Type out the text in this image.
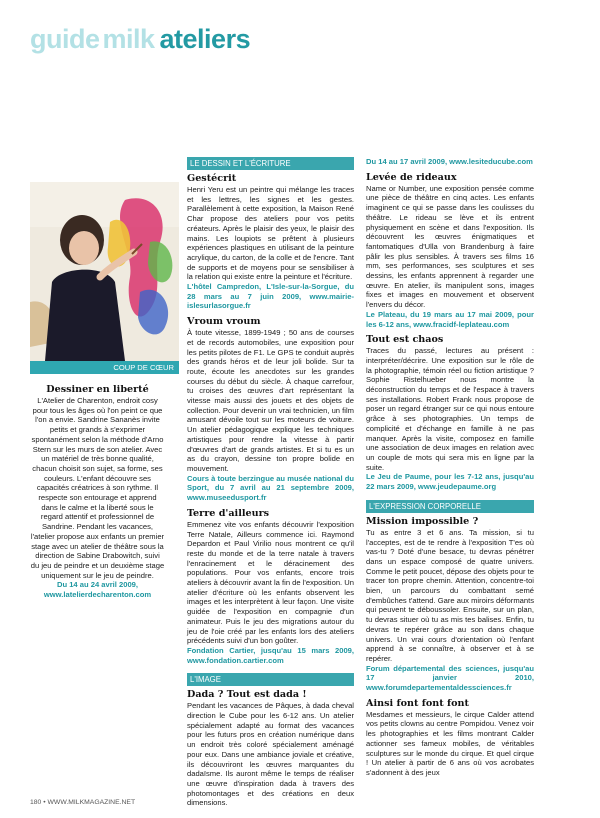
guide milk ateliers
COUP DE CŒUR

Dessiner en liberté

L'Atelier de Charenton, endroit cosy pour tous les âges où l'on peint ce que l'on a envie. Sandrine Sananès invite petits et grands à s'exprimer spontanément selon la méthode d'Arno Stern sur les murs de son atelier. Avec un matériel de très bonne qualité, chacun choisit son sujet, sa forme, ses couleurs. L'enfant découvre ses capacités créatrices à son rythme. Il respecte son entourage et apprend dans le calme et la liberté sous le regard attentif et professionnel de Sandrine. Pendant les vacances, l'atelier propose aux enfants un premier stage avec un atelier de théâtre sous la direction de Sabine Drabowitch, suivi du jeu de peindre et un deuxième stage uniquement sur le jeu de peindre.

Du 14 au 24 avril 2009, www.latelierdecharenton.com

LE DESSIN ET L'ÉCRITURE

Gestécrit

Henri Yeru est un peintre qui mélange les traces et les lettres, les signes et les gestes. Parallèlement à cette exposition, la Maison René Char propose des ateliers pour vos petits créateurs. Après le plaisir des yeux, le plaisir des mains. Les loupiots se prêtent à plusieurs expériences plastiques en utilisant de la peinture acrylique, du carton, de la colle et de l'encre. Tant de supports et de moyens pour se sensibiliser à la relation qui existe entre la peinture et l'écriture.

L'hôtel Campredon, L'Isle-sur-la-Sorgue, du 28 mars au 7 juin 2009, www.mairie-islesurlasorgue.fr

Vroum vroum

À toute vitesse, 1899-1949 ; 50 ans de courses et de records automobiles, une exposition pour les petits pilotes de F1. Le GPS te conduit auprès des grands héros et de leur joli bolide. Sur ta route, écoute les anecdotes sur les grandes courses du début du siècle. À chaque carrefour, tu croises des œuvres d'art représentant la vitesse mais aussi des jouets et des objets de collection. Pour devenir un vrai technicien, un film amusant dévoile tout sur les moteurs de voiture. Un atelier pédagogique explique les techniques artistiques pour rendre la vitesse à partir d'œuvres d'art de grands artistes. Et si tu es un as du crayon, dessine ton propre bolide en mouvement.

Cours à toute berzingue au musée national du Sport, du 7 avril au 21 septembre 2009, www.museedusport.fr

Terre d'ailleurs

Emmenez vite vos enfants découvrir l'exposition Terre Natale, Ailleurs commence ici. Raymond Depardon et Paul Virilio nous montrent ce qu'il reste du monde et de la terre natale à travers l'enracinement et le déracinement des populations. Pour vos enfants, encore trois ateliers à découvrir avant la fin de l'exposition. Un atelier d'écriture où les enfants observent les images et les interprètent à leur façon. Une visite guidée de l'exposition en compagnie d'un animateur. Puis le jeu des migrations autour du jeu de l'oie créé par les enfants lors des ateliers précédents suivi d'un bon goûter.

Fondation Cartier, jusqu'au 15 mars 2009, www.fondation.cartier.com

L'IMAGE

Dada ? Tout est dada !

Pendant les vacances de Pâques, à dada cheval direction le Cube pour les 6-12 ans. Un atelier spécialement adapté au format des vacances pour les futurs pros en création numérique dans un endroit très coloré spécialement aménagé pour eux. Dans une ambiance joviale et créative, ils découvriront les œuvres marquantes du dadaïsme. Ils auront même le temps de réaliser une œuvre d'inspiration dada à travers des photomontages et des créations en deux dimensions.

Du 14 au 17 avril 2009, www.lesiteducube.com

Levée de rideaux

Name or Number, une exposition pensée comme une pièce de théâtre en cinq actes. Les enfants imaginent ce qui se passe dans les coulisses du théâtre. Le rideau se lève et ils entrent physiquement en scène et dans l'exposition. Ils découvrent les œuvres énigmatiques et fantomatiques d'Ulla von Brandenburg à faire pâlir les plus sensibles. À travers ses films 16 mm, ses performances, ses sculptures et ses dessins, les enfants apprennent à regarder une œuvre. En atelier, ils manipulent sons, images fixes et images en mouvement et observent l'envers du décor.

Le Plateau, du 19 mars au 17 mai 2009, pour les 6-12 ans, www.fracidf-leplateau.com

Tout est chaos

Traces du passé, lectures au présent : interpréter/décrire. Une exposition sur le rôle de la photographie, témoin réel ou fiction artistique ? Sophie Ristelhueber nous montre la déconstruction du temps et de l'espace à travers ses installations. Robert Frank nous propose de poser un regard étranger sur ce qui nous entoure grâce à ses photographies. Un temps de complicité et d'échange en famille à ne pas manquer. Après la visite, composez en famille une association de deux images en relation avec un couple de mots qui sera mis en ligne par la suite.

Le Jeu de Paume, pour les 7-12 ans, jusqu'au 22 mars 2009, www.jeudepaume.org

L'EXPRESSION CORPORELLE

Mission impossible ?

Tu as entre 3 et 6 ans. Ta mission, si tu l'acceptes, est de te rendre à l'exposition T'es où vas-tu ? Doté d'une besace, tu devras pénétrer dans un espace composé de quatre univers. Comme le petit poucet, dépose des objets pour te tracer ton propre chemin. Attention, concentre-toi bien, un parcours du combattant semé d'embûches t'attend. Gare aux miroirs déformants qui peuvent te déboussoler. Ensuite, sur un plan, tu devras situer où tu as mis tes balises. Enfin, tu devras te repérer grâce au son dans chaque univers. Un vrai cours d'orientation où l'enfant apprend à se connaître, à observer et à se repérer.

Forum départemental des sciences, jusqu'au 17 janvier 2010, www.forumdepartementaldessciences.fr

Ainsi font font font

Mesdames et messieurs, le cirque Calder attend vos petits clowns au centre Pompidou. Venez voir les photographies et les films montrant Calder actionner ses fameux mobiles, de véritables sculptures sur le monde du cirque. Et quel cirque ! Un atelier à partir de 6 ans où vos acrobates s'adonnent à des jeux

180 • WWW.MILKMAGAZINE.NET
